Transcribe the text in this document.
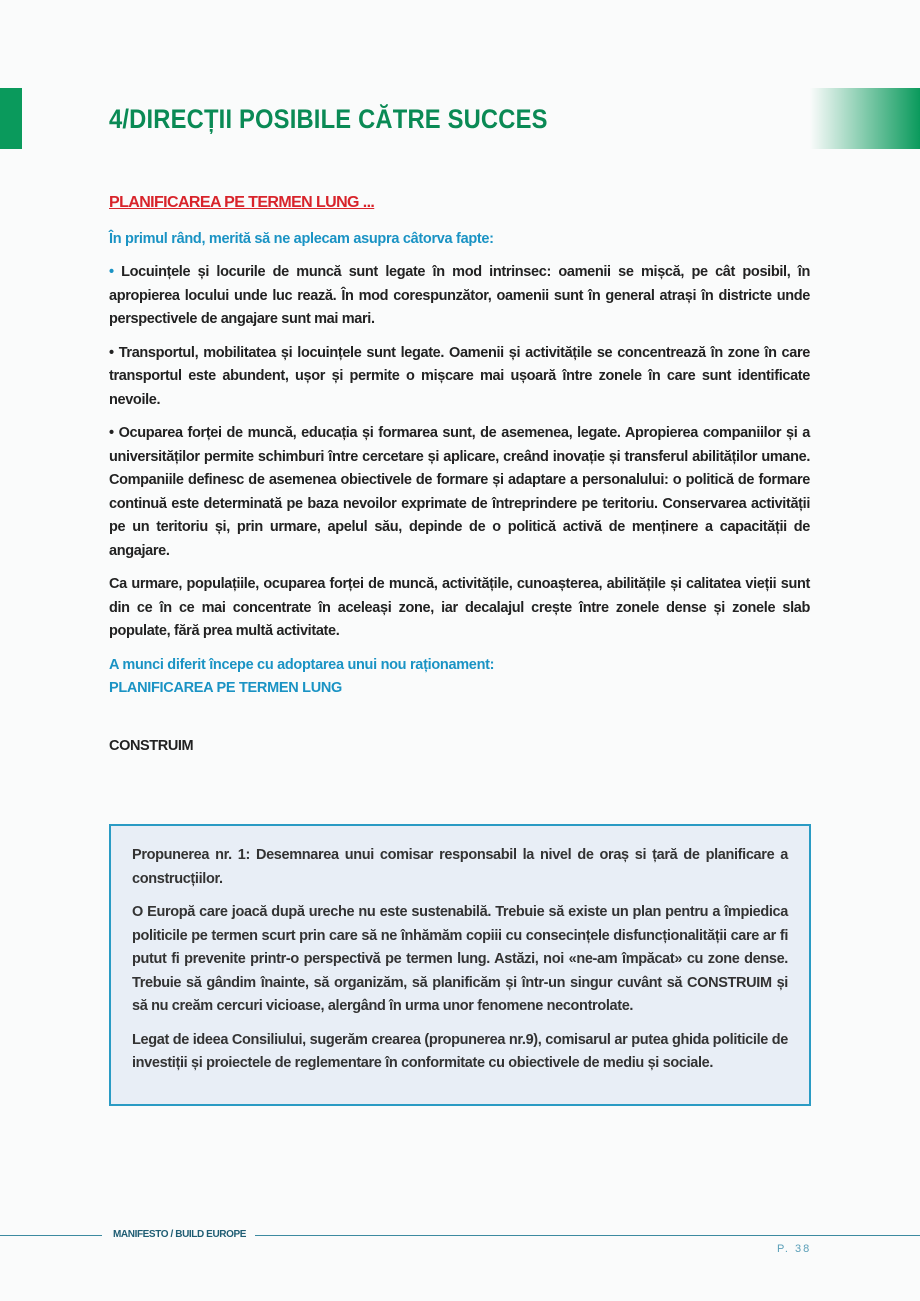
4/DIRECȚII POSIBILE CĂTRE SUCCES
PLANIFICAREA PE TERMEN LUNG ...
În primul rând, merită să ne aplecam asupra câtorva fapte:

• Locuințele și locurile de muncă sunt legate în mod intrinsec: oamenii se mișcă, pe cât posibil, în apropierea locului unde luc rează. În mod corespunzător, oamenii sunt în general atrași în districte unde perspectivele de angajare sunt mai mari.

• Transportul, mobilitatea și locuințele sunt legate. Oamenii și activitățile se concentrează în zone în care transportul este abundent, ușor și permite o mișcare mai ușoară între zonele în care sunt identificate nevoile.

• Ocuparea forței de muncă, educația și formarea sunt, de asemenea, legate. Apropierea companiilor și a universităților permite schimburi între cercetare și aplicare, creând inovație și transferul abilităților umane. Companiile definesc de asemenea obiectivele de formare și adaptare a personalului: o politică de formare continuă este determinată pe baza nevoilor exprimate de întreprindere pe teritoriu. Conservarea activității pe un teritoriu și, prin urmare, apelul său, depinde de o politică activă de menținere a capacității de angajare.

Ca urmare, populațiile, ocuparea forței de muncă, activitățile, cunoașterea, abilitățile și calitatea vieții sunt din ce în ce mai concentrate în aceleași zone, iar decalajul crește între zonele dense și zonele slab populate, fără prea multă activitate.

A munci diferit începe cu adoptarea unui nou raționament:
PLANIFICAREA PE TERMEN LUNG
CONSTRUIM

Propunerea nr. 1: Desemnarea unui comisar responsabil la nivel de oraș si țară de planificare a construcțiilor.

O Europă care joacă după ureche nu este sustenabilă. Trebuie să existe un plan pentru a împiedica politicile pe termen scurt prin care să ne înhămăm copiii cu consecințele disfuncționalității care ar fi putut fi prevenite printr-o perspectivă pe termen lung. Astăzi, noi «ne-am împăcat» cu zone dense. Trebuie să gândim înainte, să organizăm, să planificăm și într-un singur cuvânt să CONSTRUIM și să nu creăm cercuri vicioase, alergând în urma unor fenomene necontrolate.

Legat de ideea Consiliului, sugerăm crearea (propunerea nr.9), comisarul ar putea ghida politicile de investiții și proiectele de reglementare în conformitate cu obiectivele de mediu și sociale.

MANIFESTO / BUILD EUROPE
P. 38
